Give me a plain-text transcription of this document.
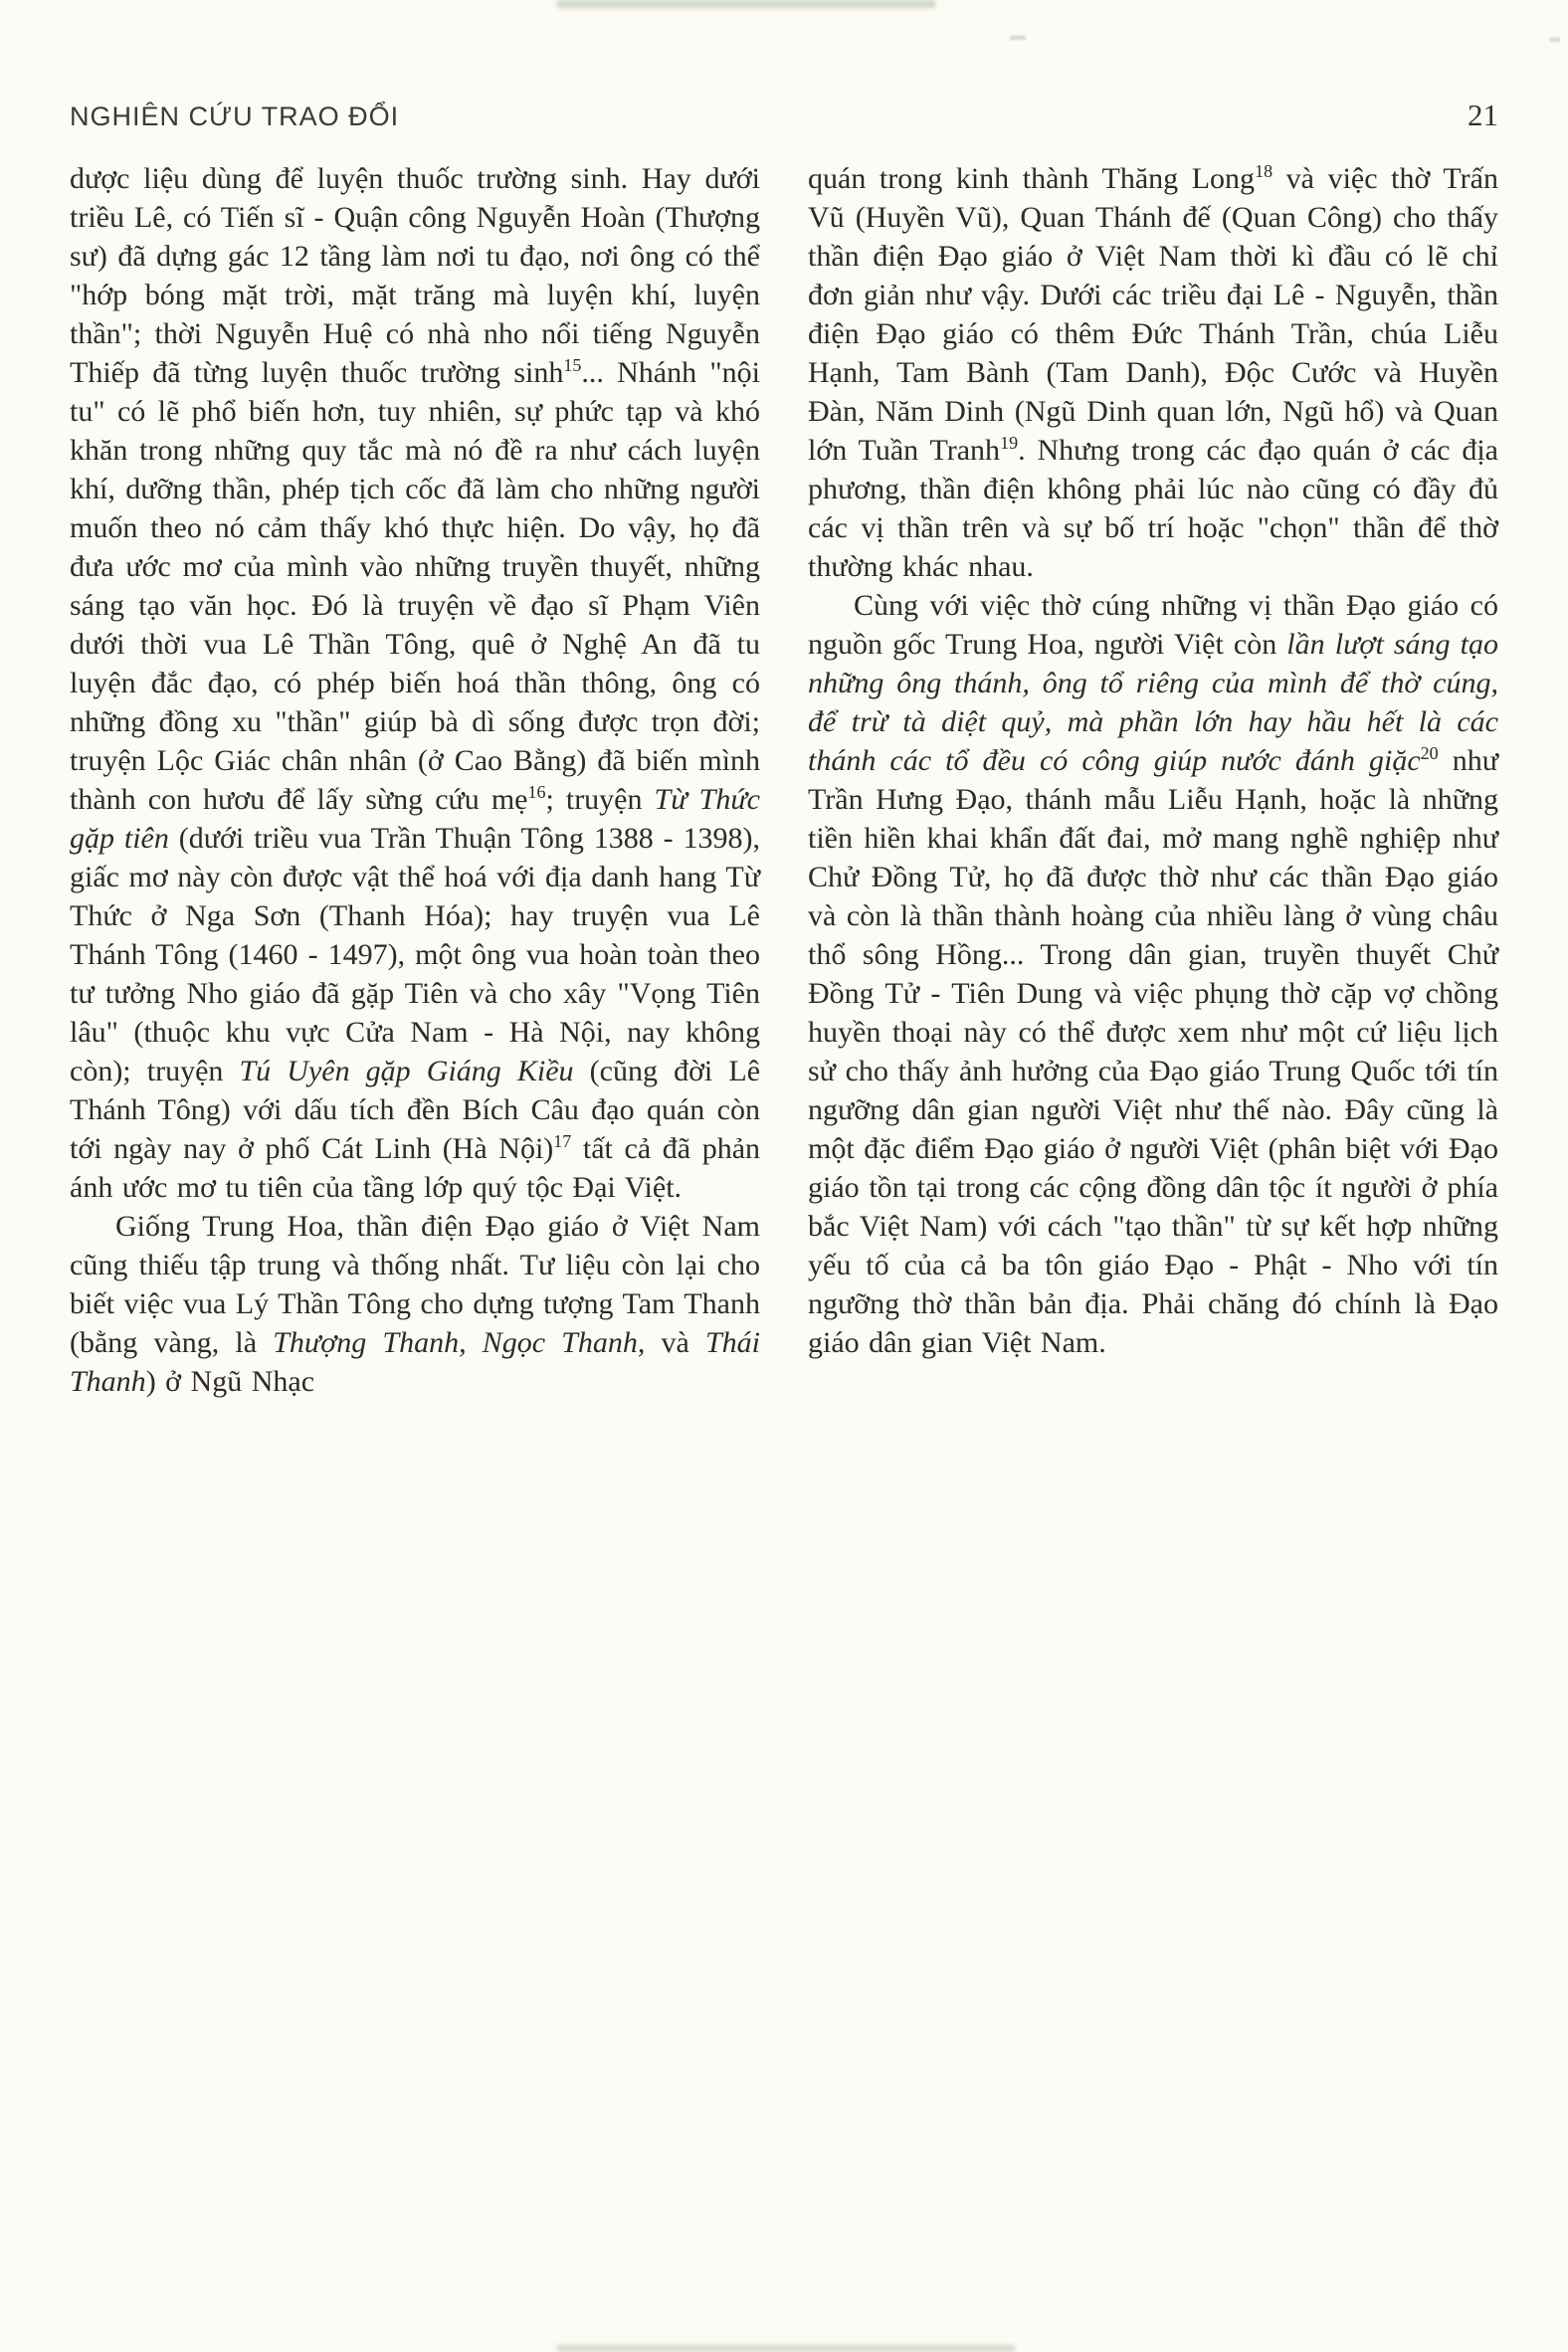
NGHIÊN CỨU TRAO ĐỔI	21

dược liệu dùng để luyện thuốc trường sinh. Hay dưới triều Lê, có Tiến sĩ - Quận công Nguyễn Hoàn (Thượng sư) đã dựng gác 12 tầng làm nơi tu đạo, nơi ông có thể "hớp bóng mặt trời, mặt trăng mà luyện khí, luyện thần"; thời Nguyễn Huệ có nhà nho nổi tiếng Nguyễn Thiếp đã từng luyện thuốc trường $\sinh^{15}$... Nhánh "nội tu" có lẽ phổ biến hơn, tuy nhiên, sự phức tạp và khó khăn trong những quy tắc mà nó đề ra như cách luyện khí, dưỡng thần, phép tịch cốc đã làm cho những người muốn theo nó cảm thấy khó thực hiện. Do vậy, họ đã đưa ước mơ của mình vào những truyền thuyết, những sáng tạo văn học. Đó là truyện về đạo sĩ Phạm Viên dưới thời vua Lê Thần Tông, quê ở Nghệ An đã tu luyện đắc đạo, có phép biến hoá thần thông, ông có những đồng xu "thần" giúp bà dì sống được trọn đời; truyện Lộc Giác chân nhân (ở Cao Bằng) đã biến mình thành con hươu để lấy sừng cứu mẹ$^{16}$; truyện Từ Thức gặp tiên (dưới triều vua Trần Thuận Tông 1388 - 1398), giấc mơ này còn được vật thể hoá với địa danh hang Từ Thức ở Nga Sơn (Thanh Hóa); hay truyện vua Lê Thánh Tông (1460 - 1497), một ông vua hoàn toàn theo tư tưởng Nho giáo đã gặp Tiên và cho xây "Vọng Tiên lâu" (thuộc khu vực Cửa Nam - Hà Nội, nay không còn); truyện Tú Uyên gặp Giáng Kiều (cũng đời Lê Thánh Tông) với dấu tích đền Bích Câu đạo quán còn tới ngày nay ở phố Cát Linh (Hà Nội)$^{17}$ tất cả đã phản ánh ước mơ tu tiên của tầng lớp quý tộc Đại Việt.

Giống Trung Hoa, thần điện Đạo giáo ở Việt Nam cũng thiếu tập trung và thống nhất. Tư liệu còn lại cho biết việc vua Lý Thần Tông cho dựng tượng Tam Thanh (bằng vàng, là Thượng Thanh, Ngọc Thanh, và Thái Thanh) ở Ngũ Nhạc

quán trong kinh thành Thăng Long$^{18}$ và việc thờ Trấn Vũ (Huyền Vũ), Quan Thánh đế (Quan Công) cho thấy thần điện Đạo giáo ở Việt Nam thời kì đầu có lẽ chỉ đơn giản như vậy. Dưới các triều đại Lê - Nguyễn, thần điện Đạo giáo có thêm Đức Thánh Trần, chúa Liễu Hạnh, Tam Bành (Tam Danh), Độc Cước và Huyền Đàn, Năm Dinh (Ngũ Dinh quan lớn, Ngũ hổ) và Quan lớn Tuần Tranh$^{19}$. Nhưng trong các đạo quán ở các địa phương, thần điện không phải lúc nào cũng có đầy đủ các vị thần trên và sự bố trí hoặc "chọn" thần để thờ thường khác nhau.

Cùng với việc thờ cúng những vị thần Đạo giáo có nguồn gốc Trung Hoa, người Việt còn lần lượt sáng tạo những ông thánh, ông tổ riêng của mình để thờ cúng, để trừ tà diệt quỷ, mà phần lớn hay hầu hết là các thánh các tổ đều có công giúp nước đánh giặc$^{20}$ như Trần Hưng Đạo, thánh mẫu Liễu Hạnh, hoặc là những tiền hiền khai khẩn đất đai, mở mang nghề nghiệp như Chử Đồng Tử, họ đã được thờ như các thần Đạo giáo và còn là thần thành hoàng của nhiều làng ở vùng châu thổ sông Hồng... Trong dân gian, truyền thuyết Chử Đồng Tử - Tiên Dung và việc phụng thờ cặp vợ chồng huyền thoại này có thể được xem như một cứ liệu lịch sử cho thấy ảnh hưởng của Đạo giáo Trung Quốc tới tín ngưỡng dân gian người Việt như thế nào. Đây cũng là một đặc điểm Đạo giáo ở người Việt (phân biệt với Đạo giáo tồn tại trong các cộng đồng dân tộc ít người ở phía bắc Việt Nam) với cách "tạo thần" từ sự kết hợp những yếu tố của cả ba tôn giáo Đạo - Phật - Nho với tín ngưỡng thờ thần bản địa. Phải chăng đó chính là Đạo giáo dân gian Việt Nam.
